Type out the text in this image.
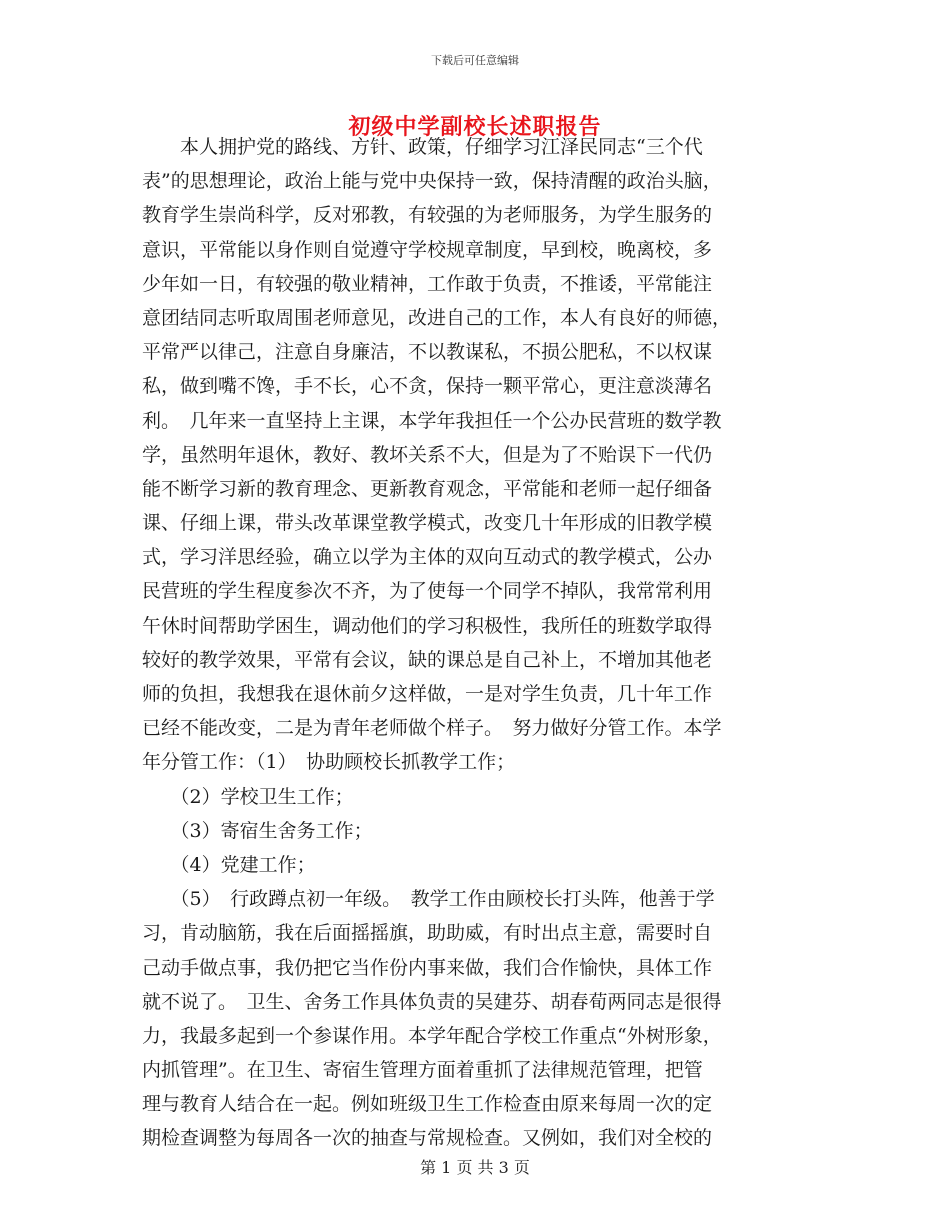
下载后可任意编辑
初级中学副校长述职报告
　　本人拥护党的路线、方针、政策，仔细学习江泽民同志“三个代
表”的思想理论，政治上能与党中央保持一致，保持清醒的政治头脑，
教育学生崇尚科学，反对邪教，有较强的为老师服务，为学生服务的
意识，平常能以身作则自觉遵守学校规章制度，早到校，晚离校，多
少年如一日，有较强的敬业精神，工作敢于负责，不推诿，平常能注
意团结同志听取周围老师意见，改进自己的工作，本人有良好的师德，
平常严以律己，注意自身廉洁，不以教谋私，不损公肥私，不以权谋
私，做到嘴不馋，手不长，心不贪，保持一颗平常心，更注意淡薄名
利。　几年来一直坚持上主课，本学年我担任一个公办民营班的数学教
学，虽然明年退休，教好、教坏关系不大，但是为了不贻误下一代仍
能不断学习新的教育理念、更新教育观念，平常能和老师一起仔细备
课、仔细上课，带头改革课堂教学模式，改变几十年形成的旧教学模
式，学习洋思经验，确立以学为主体的双向互动式的教学模式，公办
民营班的学生程度参次不齐，为了使每一个同学不掉队，我常常利用
午休时间帮助学困生，调动他们的学习积极性，我所任的班数学取得
较好的教学效果，平常有会议，缺的课总是自己补上，不增加其他老
师的负担，我想我在退休前夕这样做，一是对学生负责，几十年工作
已经不能改变，二是为青年老师做个样子。　努力做好分管工作。本学
年分管工作：（1）　协助顾校长抓教学工作；
　　（2）学校卫生工作；
　　（3）寄宿生舍务工作；
　　（4）党建工作；
　　（5）　行政蹲点初一年级。　教学工作由顾校长打头阵，他善于学
习，肯动脑筋，我在后面摇摇旗，助助威，有时出点主意，需要时自
己动手做点事，我仍把它当作份内事来做，我们合作愉快，具体工作
就不说了。　卫生、舍务工作具体负责的吴建芬、胡春荀两同志是很得
力，我最多起到一个参谋作用。本学年配合学校工作重点“外树形象，
内抓管理”。在卫生、寄宿生管理方面着重抓了法律规范管理，把管
理与教育人结合在一起。例如班级卫生工作检查由原来每周一次的定
期检查调整为每周各一次的抽查与常规检查。又例如，我们对全校的
第 1 页 共 3 页
